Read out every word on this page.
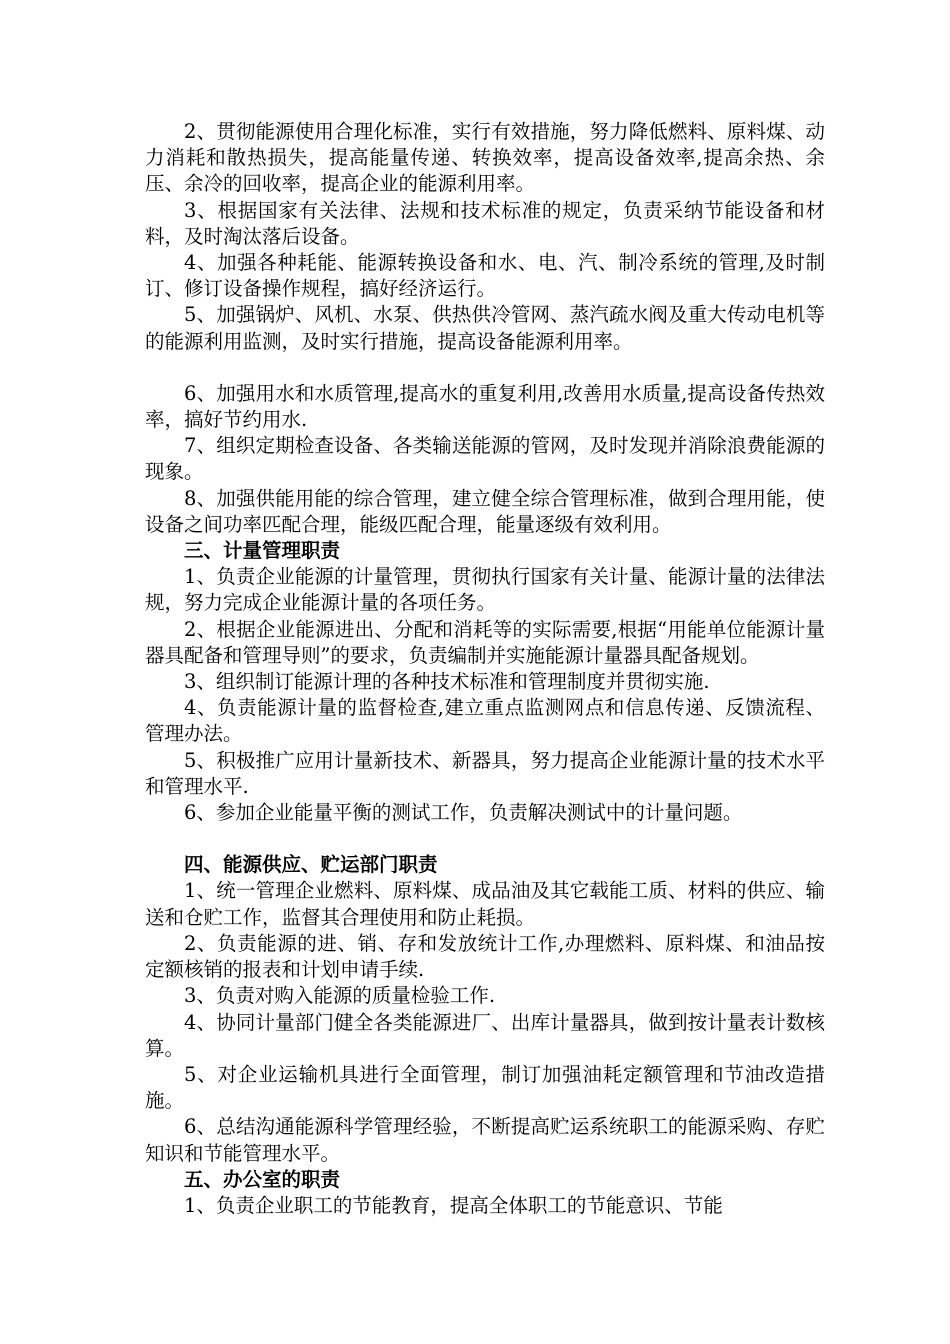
2、贯彻能源使用合理化标准，实行有效措施，努力降低燃料、原料煤、动力消耗和散热损失，提高能量传递、转换效率，提高设备效率,提高余热、余压、余冷的回收率，提高企业的能源利用率。

3、根据国家有关法律、法规和技术标准的规定，负责采纳节能设备和材料，及时淘汰落后设备。

4、加强各种耗能、能源转换设备和水、电、汽、制冷系统的管理,及时制订、修订设备操作规程，搞好经济运行。

5、加强锅炉、风机、水泵、供热供冷管网、蒸汽疏水阀及重大传动电机等的能源利用监测，及时实行措施，提高设备能源利用率。

6、加强用水和水质管理,提高水的重复利用,改善用水质量,提高设备传热效率，搞好节约用水.

7、组织定期检查设备、各类输送能源的管网，及时发现并消除浪费能源的现象。

8、加强供能用能的综合管理，建立健全综合管理标准，做到合理用能，使设备之间功率匹配合理，能级匹配合理，能量逐级有效利用。

三、计量管理职责

1、负责企业能源的计量管理，贯彻执行国家有关计量、能源计量的法律法规，努力完成企业能源计量的各项任务。

2、根据企业能源进出、分配和消耗等的实际需要,根据“用能单位能源计量器具配备和管理导则”的要求，负责编制并实施能源计量器具配备规划。

3、组织制订能源计理的各种技术标准和管理制度并贯彻实施.

4、负责能源计量的监督检查,建立重点监测网点和信息传递、反馈流程、管理办法。

5、积极推广应用计量新技术、新器具，努力提高企业能源计量的技术水平和管理水平.

6、参加企业能量平衡的测试工作，负责解决测试中的计量问题。

四、能源供应、贮运部门职责

1、统一管理企业燃料、原料煤、成品油及其它载能工质、材料的供应、输送和仓贮工作，监督其合理使用和防止耗损。

2、负责能源的进、销、存和发放统计工作,办理燃料、原料煤、和油品按定额核销的报表和计划申请手续.

3、负责对购入能源的质量检验工作.

4、协同计量部门健全各类能源进厂、出库计量器具，做到按计量表计数核算。

5、对企业运输机具进行全面管理，制订加强油耗定额管理和节油改造措施。

6、总结沟通能源科学管理经验，不断提高贮运系统职工的能源采购、存贮知识和节能管理水平。

五、办公室的职责

1、负责企业职工的节能教育，提高全体职工的节能意识、节能
